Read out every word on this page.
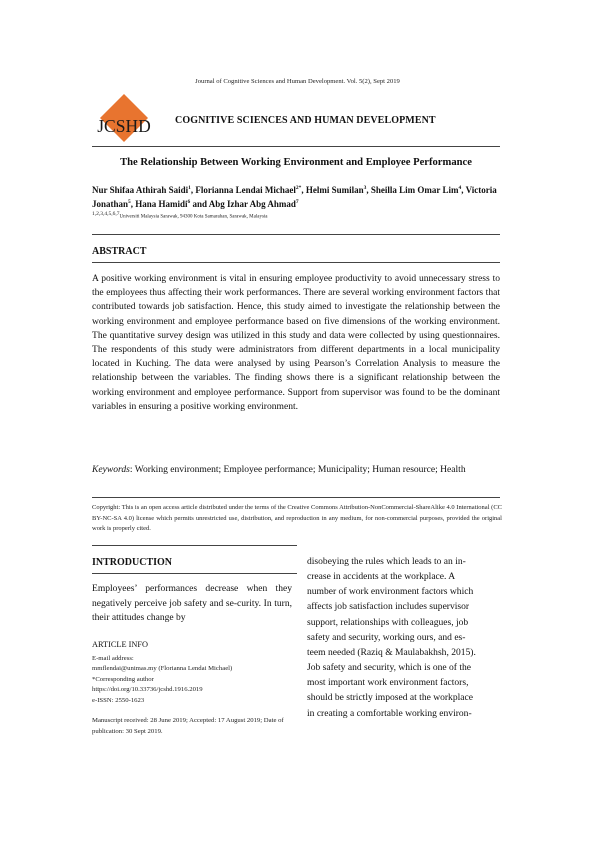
Journal of Cognitive Sciences and Human Development. Vol. 5(2), Sept 2019
JCSHD COGNITIVE SCIENCES AND HUMAN DEVELOPMENT
The Relationship Between Working Environment and Employee Performance
Nur Shifaa Athirah Saidi$^1$, Florianna Lendai Michael$^{2*}$, Helmi Sumilan$^3$, Sheilla Lim Omar Lim$^4$, Victoria Jonathan$^5$, Hana Hamidi$^6$ and Abg Izhar Abg Ahmad$^7$
$^{1,2,3,4,5,6,7}$Universiti Malaysia Sarawak, 94300 Kota Samarahan, Sarawak, Malaysia
ABSTRACT
A positive working environment is vital in ensuring employee productivity to avoid unnecessary stress to the employees thus affecting their work performances. There are several working environment factors that contributed towards job satisfaction. Hence, this study aimed to investigate the relationship between the working environment and employee performance based on five dimensions of the working environment. The quantitative survey design was utilized in this study and data were collected by using questionnaires. The respondents of this study were administrators from different departments in a local municipality located in Kuching. The data were analysed by using Pearson’s Correlation Analysis to measure the relationship between the variables. The finding shows there is a significant relationship between the working environment and employee performance. Support from supervisor was found to be the dominant variables in ensuring a positive working environment.
Keywords: Working environment; Employee performance; Municipality; Human resource; Health
Copyright: This is an open access article distributed under the terms of the Creative Commons Attribution-NonCommercial-ShareAlike 4.0 International (CC BY-NC-SA 4.0) license which permits unrestricted use, distribution, and reproduction in any medium, for non-commercial purposes, provided the original work is properly cited.
INTRODUCTION
Employees’ performances decrease when they negatively perceive job safety and se-curity. In turn, their attitudes change by
ARTICLE INFO
E-mail address:
mmflendai@unimas.my (Florianna Lendai Michael)
*Corresponding author
https://doi.org/10.33736/jcshd.1916.2019
e-ISSN: 2550-1623
Manuscript received: 28 June 2019; Accepted: 17 August 2019; Date of publication: 30 Sept 2019.
disobeying the rules which leads to an in-
crease in accidents at the workplace. A
number of work environment factors which
affects job satisfaction includes supervisor
support, relationships with colleagues, job
safety and security, working ours, and es-
teem needed (Raziq & Maulabakhsh, 2015).
Job safety and security, which is one of the
most important work environment factors,
should be strictly imposed at the workplace
in creating a comfortable working environ-
